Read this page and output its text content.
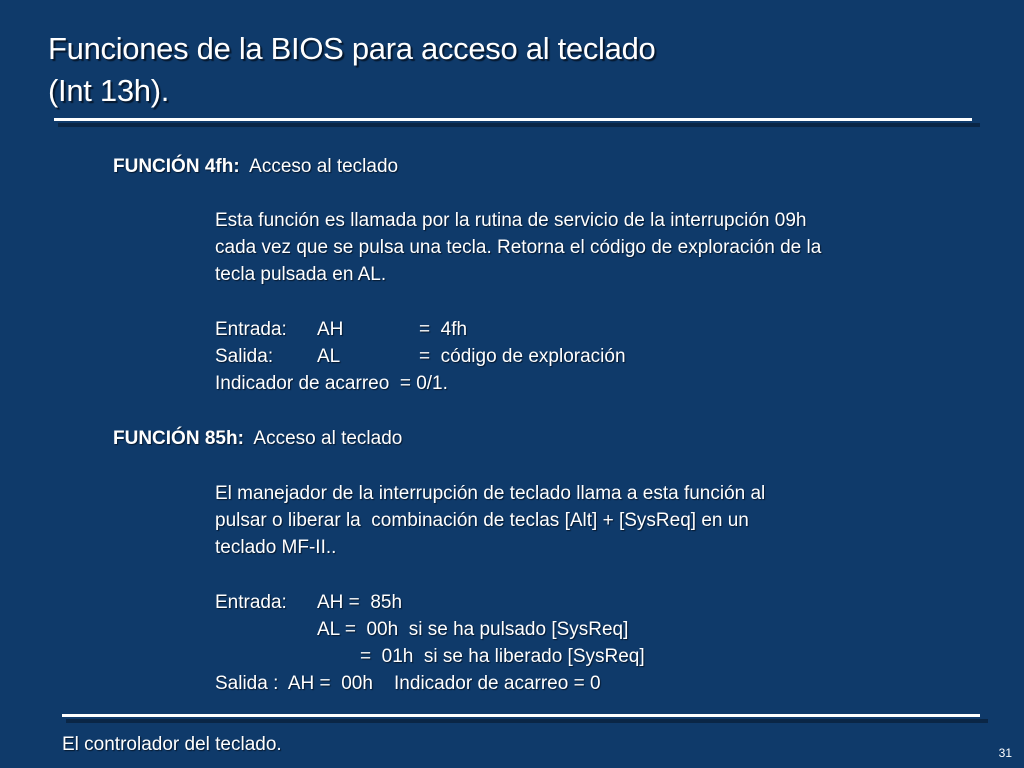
Funciones de la BIOS para acceso al teclado
(Int 13h).
FUNCIÓN 4fh: Acceso al teclado
Esta función es llamada por la rutina de servicio de la interrupción 09h
cada vez que se pulsa una tecla. Retorna el código de exploración de la
tecla pulsada en AL.
Entrada: AH	=  4fh
Salida: AL	=  código de exploración
Indicador de acarreo  = 0/1.
FUNCIÓN 85h: Acceso al teclado
El manejador de la interrupción de teclado llama a esta función al
pulsar o liberar la  combinación de teclas [Alt] + [SysReq] en un
teclado MF-II..
Entrada: AH =  85h
AL =  00h  si se ha pulsado [SysReq]
=  01h  si se ha liberado [SysReq]
Salida :  AH =  00h    Indicador de acarreo = 0
El controlador del teclado.	31
